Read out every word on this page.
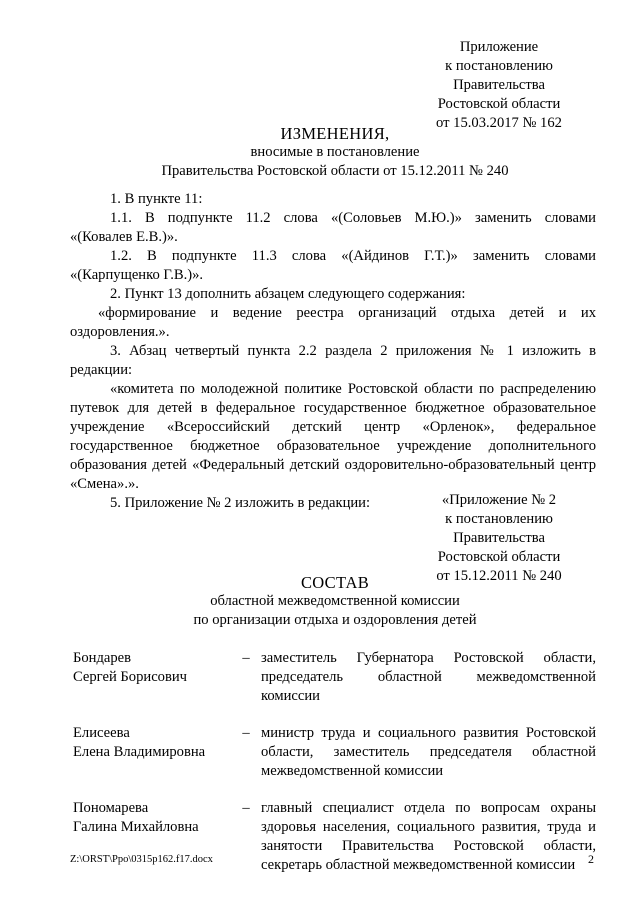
Приложение

к постановлению

Правительства

Ростовской области

от 15.03.2017 № 162

ИЗМЕНЕНИЯ,

вносимые в постановление

Правительства Ростовской области от 15.12.2011 № 240

1. В пункте 11:

1.1. В подпункте 11.2 слова «(Соловьев М.Ю.)» заменить словами

«(Ковалев Е.В.)».

1.2. В подпункте 11.3 слова «(Айдинов Г.Т.)» заменить словами

«(Карпущенко Г.В.)».

2. Пункт 13 дополнить абзацем следующего содержания:

«формирование и ведение реестра организаций отдыха детей и их оздоровления.».

3. Абзац четвертый пункта 2.2 раздела 2 приложения № 1 изложить в редакции:

«комитета по молодежной политике Ростовской области по распределению путевок для детей в федеральное государственное бюджетное образовательное учреждение «Всероссийский детский центр «Орленок», федеральное государственное бюджетное образовательное учреждение дополнительного образования детей «Федеральный детский оздоровительно-образовательный центр «Смена».».

5. Приложение № 2 изложить в редакции:	«Приложение № 2

к постановлению

Правительства

Ростовской области

от 15.12.2011 № 240

СОСТАВ

областной межведомственной комиссии

по организации отдыха и оздоровления детей

Бондарев

Сергей Борисович

– заместитель Губернатора Ростовской области, председатель областной межведомственной комиссии

Елисеева

Елена Владимировна

– министр труда и социального развития Ростовской области, заместитель председателя областной межведомственной комиссии

Пономарева

Галина Михайловна

– главный специалист отдела по вопросам охраны здоровья населения, социального развития, труда и занятости Правительства Ростовской области, секретарь областной межведомственной комиссии
Z:\ORST\Ppo\0315p162.f17.docx	2
